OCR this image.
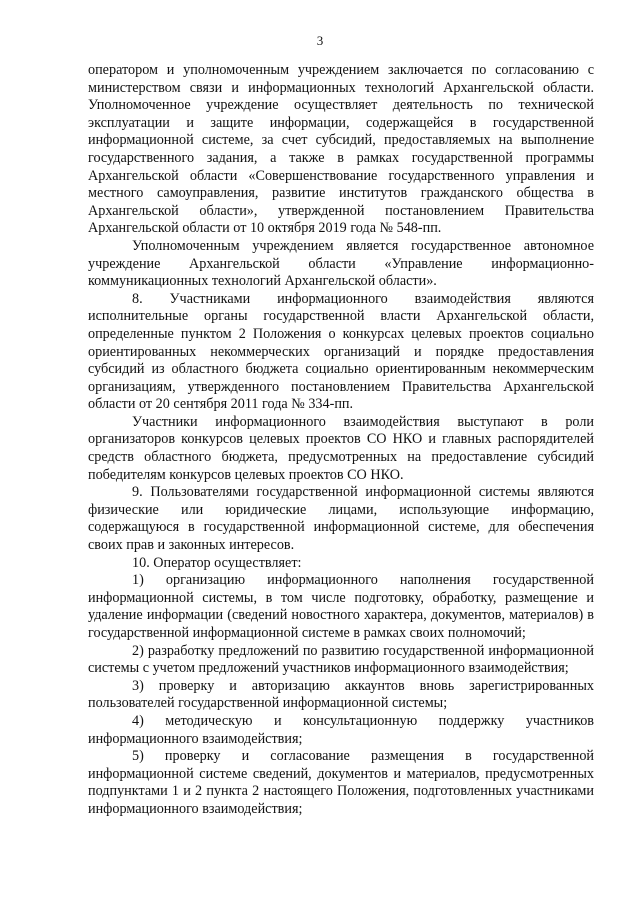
3

оператором и уполномоченным учреждением заключается по согласованию с министерством связи и информационных технологий Архангельской области. Уполномоченное учреждение осуществляет деятельность по технической эксплуатации и защите информации, содержащейся в государственной информационной системе, за счет субсидий, предоставляемых на выполнение государственного задания, а также в рамках государственной программы Архангельской области «Совершенствование государственного управления и местного самоуправления, развитие институтов гражданского общества в Архангельской области», утвержденной постановлением Правительства Архангельской области от 10 октября 2019 года № 548-пп.

Уполномоченным учреждением является государственное автономное учреждение Архангельской области «Управление информационно-коммуникационных технологий Архангельской области».

8. Участниками информационного взаимодействия являются исполнительные органы государственной власти Архангельской области, определенные пунктом 2 Положения о конкурсах целевых проектов социально ориентированных некоммерческих организаций и порядке предоставления субсидий из областного бюджета социально ориентированным некоммерческим организациям, утвержденного постановлением Правительства Архангельской области от 20 сентября 2011 года № 334-пп.

Участники информационного взаимодействия выступают в роли организаторов конкурсов целевых проектов СО НКО и главных распорядителей средств областного бюджета, предусмотренных на предоставление субсидий победителям конкурсов целевых проектов СО НКО.

9. Пользователями государственной информационной системы являются физические или юридические лицами, использующие информацию, содержащуюся в государственной информационной системе, для обеспечения своих прав и законных интересов.

10. Оператор осуществляет:

1) организацию информационного наполнения государственной информационной системы, в том числе подготовку, обработку, размещение и удаление информации (сведений новостного характера, документов, материалов) в государственной информационной системе в рамках своих полномочий;

2) разработку предложений по развитию государственной информационной системы с учетом предложений участников информационного взаимодействия;

3) проверку и авторизацию аккаунтов вновь зарегистрированных пользователей государственной информационной системы;

4) методическую и консультационную поддержку участников информационного взаимодействия;

5) проверку и согласование размещения в государственной информационной системе сведений, документов и материалов, предусмотренных подпунктами 1 и 2 пункта 2 настоящего Положения, подготовленных участниками информационного взаимодействия;
